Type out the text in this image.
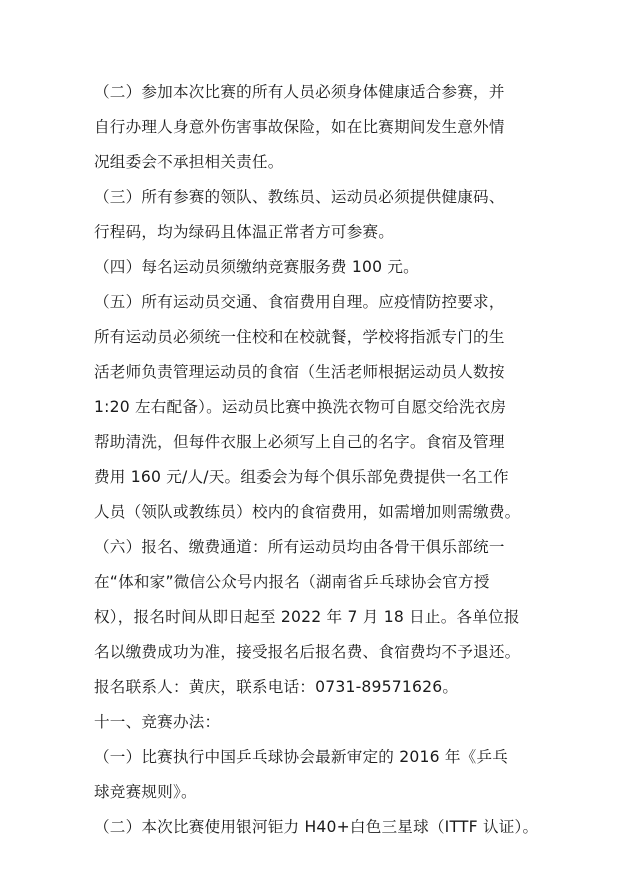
（二）参加本次比赛的所有人员必须身体健康适合参赛，并
自行办理人身意外伤害事故保险，如在比赛期间发生意外情
况组委会不承担相关责任。
（三）所有参赛的领队、教练员、运动员必须提供健康码、
行程码，均为绿码且体温正常者方可参赛。
（四）每名运动员须缴纳竞赛服务费 100 元。
（五）所有运动员交通、食宿费用自理。应疫情防控要求，
所有运动员必须统一住校和在校就餐，学校将指派专门的生
活老师负责管理运动员的食宿（生活老师根据运动员人数按
1:20 左右配备）。运动员比赛中换洗衣物可自愿交给洗衣房
帮助清洗，但每件衣服上必须写上自己的名字。食宿及管理
费用 160 元/人/天。组委会为每个俱乐部免费提供一名工作
人员（领队或教练员）校内的食宿费用，如需增加则需缴费。
（六）报名、缴费通道：所有运动员均由各骨干俱乐部统一
在“体和家”微信公众号内报名（湖南省乒乓球协会官方授
权），报名时间从即日起至 2022 年 7 月 18 日止。各单位报
名以缴费成功为准，接受报名后报名费、食宿费均不予退还。
报名联系人：黄庆，联系电话：0731-89571626。
十一、竞赛办法：
（一）比赛执行中国乒乓球协会最新审定的 2016 年《乒乓
球竞赛规则》。
（二）本次比赛使用银河钜力 H40+白色三星球（ITTF 认证）。
